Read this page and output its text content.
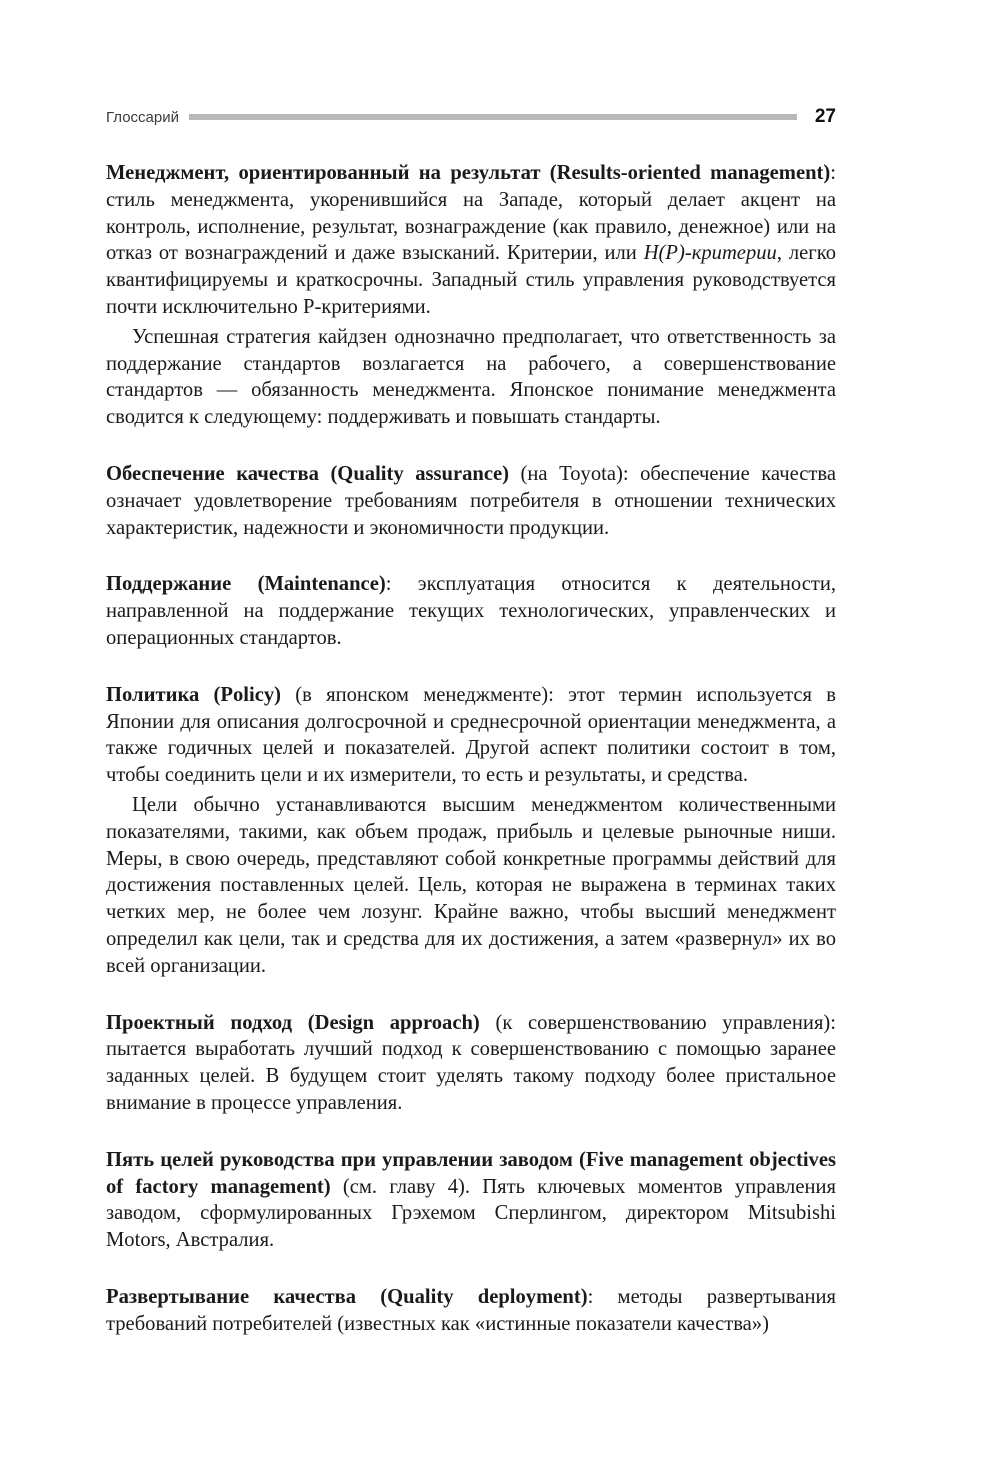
Глоссарий	27

Менеджмент, ориентированный на результат (Results-oriented management): стиль менеджмента, укоренившийся на Западе, который делает акцент на контроль, исполнение, результат, вознаграждение (как правило, денежное) или на отказ от вознаграждений и даже взысканий. Критерии, или Н(Р)-критерии, легко квантифицируемы и краткосрочны. Западный стиль управления руководствуется почти исключительно Р-критериями.

Успешная стратегия кайдзен однозначно предполагает, что ответственность за поддержание стандартов возлагается на рабочего, а совершенствование стандартов — обязанность менеджмента. Японское понимание менеджмента сводится к следующему: поддерживать и повышать стандарты.

Обеспечение качества (Quality assurance) (на Toyota): обеспечение качества означает удовлетворение требованиям потребителя в отношении технических характеристик, надежности и экономичности продукции.

Поддержание (Maintenance): эксплуатация относится к деятельности, направленной на поддержание текущих технологических, управленческих и операционных стандартов.

Политика (Policy) (в японском менеджменте): этот термин используется в Японии для описания долгосрочной и среднесрочной ориентации менеджмента, а также годичных целей и показателей. Другой аспект политики состоит в том, чтобы соединить цели и их измерители, то есть и результаты, и средства.

Цели обычно устанавливаются высшим менеджментом количественными показателями, такими, как объем продаж, прибыль и целевые рыночные ниши. Меры, в свою очередь, представляют собой конкретные программы действий для достижения поставленных целей. Цель, которая не выражена в терминах таких четких мер, не более чем лозунг. Крайне важно, чтобы высший менеджмент определил как цели, так и средства для их достижения, а затем «развернул» их во всей организации.

Проектный подход (Design approach) (к совершенствованию управления): пытается выработать лучший подход к совершенствованию с помощью заранее заданных целей. В будущем стоит уделять такому подходу более пристальное внимание в процессе управления.

Пять целей руководства при управлении заводом (Five management objectives of factory management) (см. главу 4). Пять ключевых моментов управления заводом, сформулированных Грэхемом Сперлингом, директором Mitsubishi Motors, Австралия.

Развертывание качества (Quality deployment): методы развертывания требований потребителей (известных как «истинные показатели качества»)
